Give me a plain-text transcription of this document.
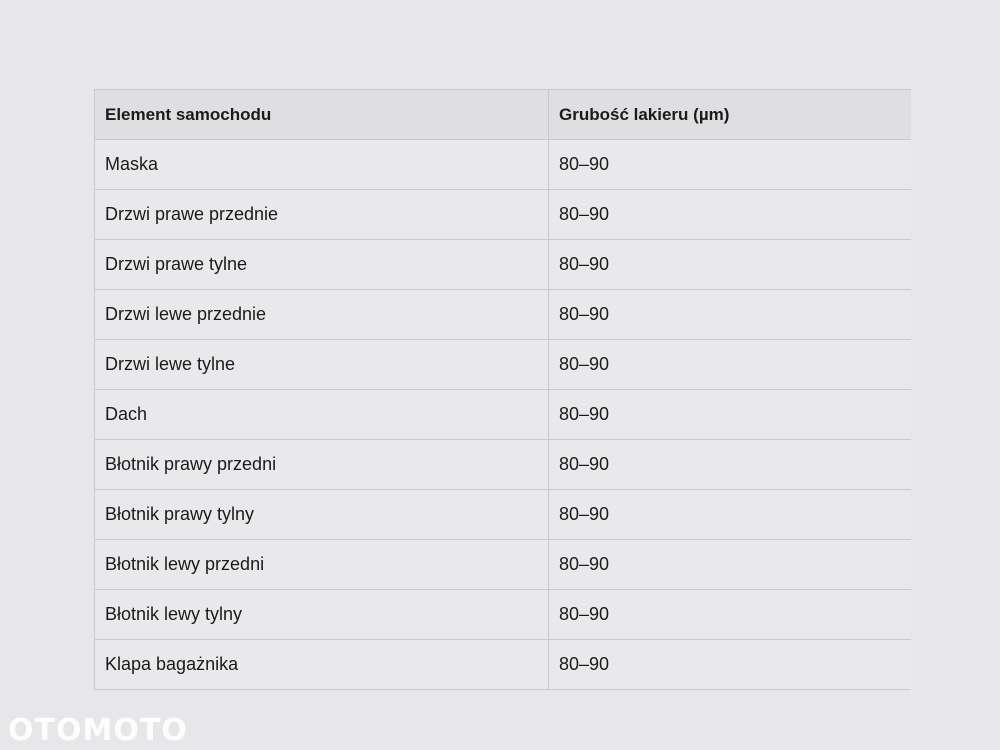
Element samochodu	Grubość lakieru (µm)
Maska	80–90
Drzwi prawe przednie	80–90
Drzwi prawe tylne	80–90
Drzwi lewe przednie	80–90
Drzwi lewe tylne	80–90
Dach	80–90
Błotnik prawy przedni	80–90
Błotnik prawy tylny	80–90
Błotnik lewy przedni	80–90
Błotnik lewy tylny	80–90
Klapa bagażnika	80–90
OTOMOTO
